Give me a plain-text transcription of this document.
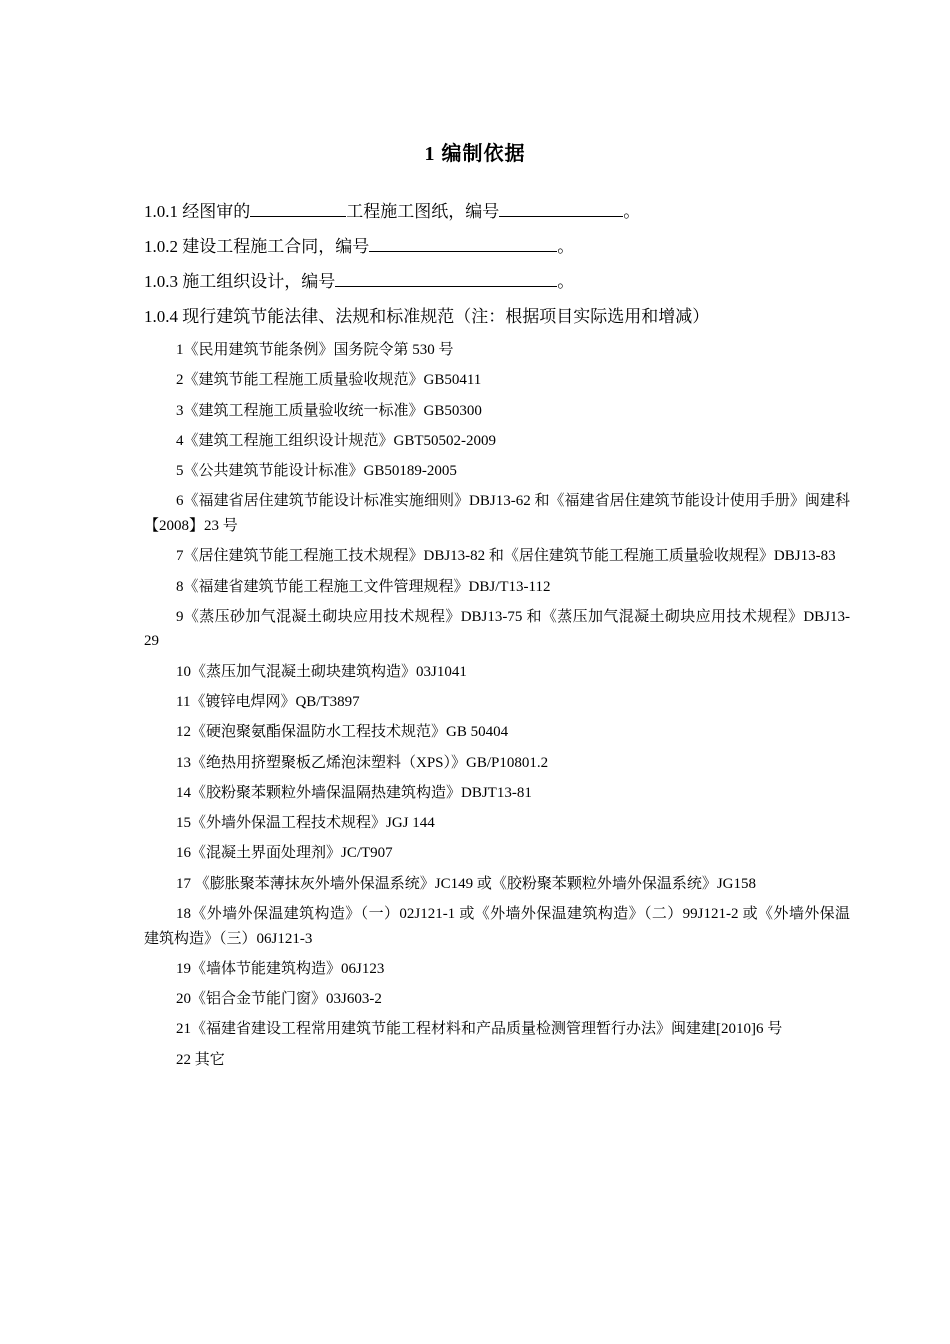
1 编制依据
1.0.1 经图审的	工程施工图纸，编号	。
1.0.2 建设工程施工合同，编号	。
1.0.3 施工组织设计，编号	。
1.0.4 现行建筑节能法律、法规和标准规范（注：根据项目实际选用和增减）
1《民用建筑节能条例》国务院令第 530 号
2《建筑节能工程施工质量验收规范》GB50411
3《建筑工程施工质量验收统一标准》GB50300
4《建筑工程施工组织设计规范》GBT50502-2009
5《公共建筑节能设计标准》GB50189-2005
6《福建省居住建筑节能设计标准实施细则》DBJ13-62 和《福建省居住建筑节能设计使用手册》闽建科【2008】23 号
7《居住建筑节能工程施工技术规程》DBJ13-82 和《居住建筑节能工程施工质量验收规程》DBJ13-83
8《福建省建筑节能工程施工文件管理规程》DBJ/T13-112
9《蒸压砂加气混凝土砌块应用技术规程》DBJ13-75 和《蒸压加气混凝土砌块应用技术规程》DBJ13-29
10《蒸压加气混凝土砌块建筑构造》03J1041
11《镀锌电焊网》QB/T3897
12《硬泡聚氨酯保温防水工程技术规范》GB 50404
13《绝热用挤塑聚板乙烯泡沫塑料（XPS）》GB/P10801.2
14《胶粉聚苯颗粒外墙保温隔热建筑构造》DBJT13-81
15《外墙外保温工程技术规程》JGJ 144
16《混凝土界面处理剂》JC/T907
17 《膨胀聚苯薄抹灰外墙外保温系统》JC149 或《胶粉聚苯颗粒外墙外保温系统》JG158
18《外墙外保温建筑构造》（一）02J121-1 或《外墙外保温建筑构造》（二）99J121-2 或《外墙外保温建筑构造》（三）06J121-3
19《墙体节能建筑构造》06J123
20《铝合金节能门窗》03J603-2
21《福建省建设工程常用建筑节能工程材料和产品质量检测管理暂行办法》闽建建[2010]6 号
22 其它
